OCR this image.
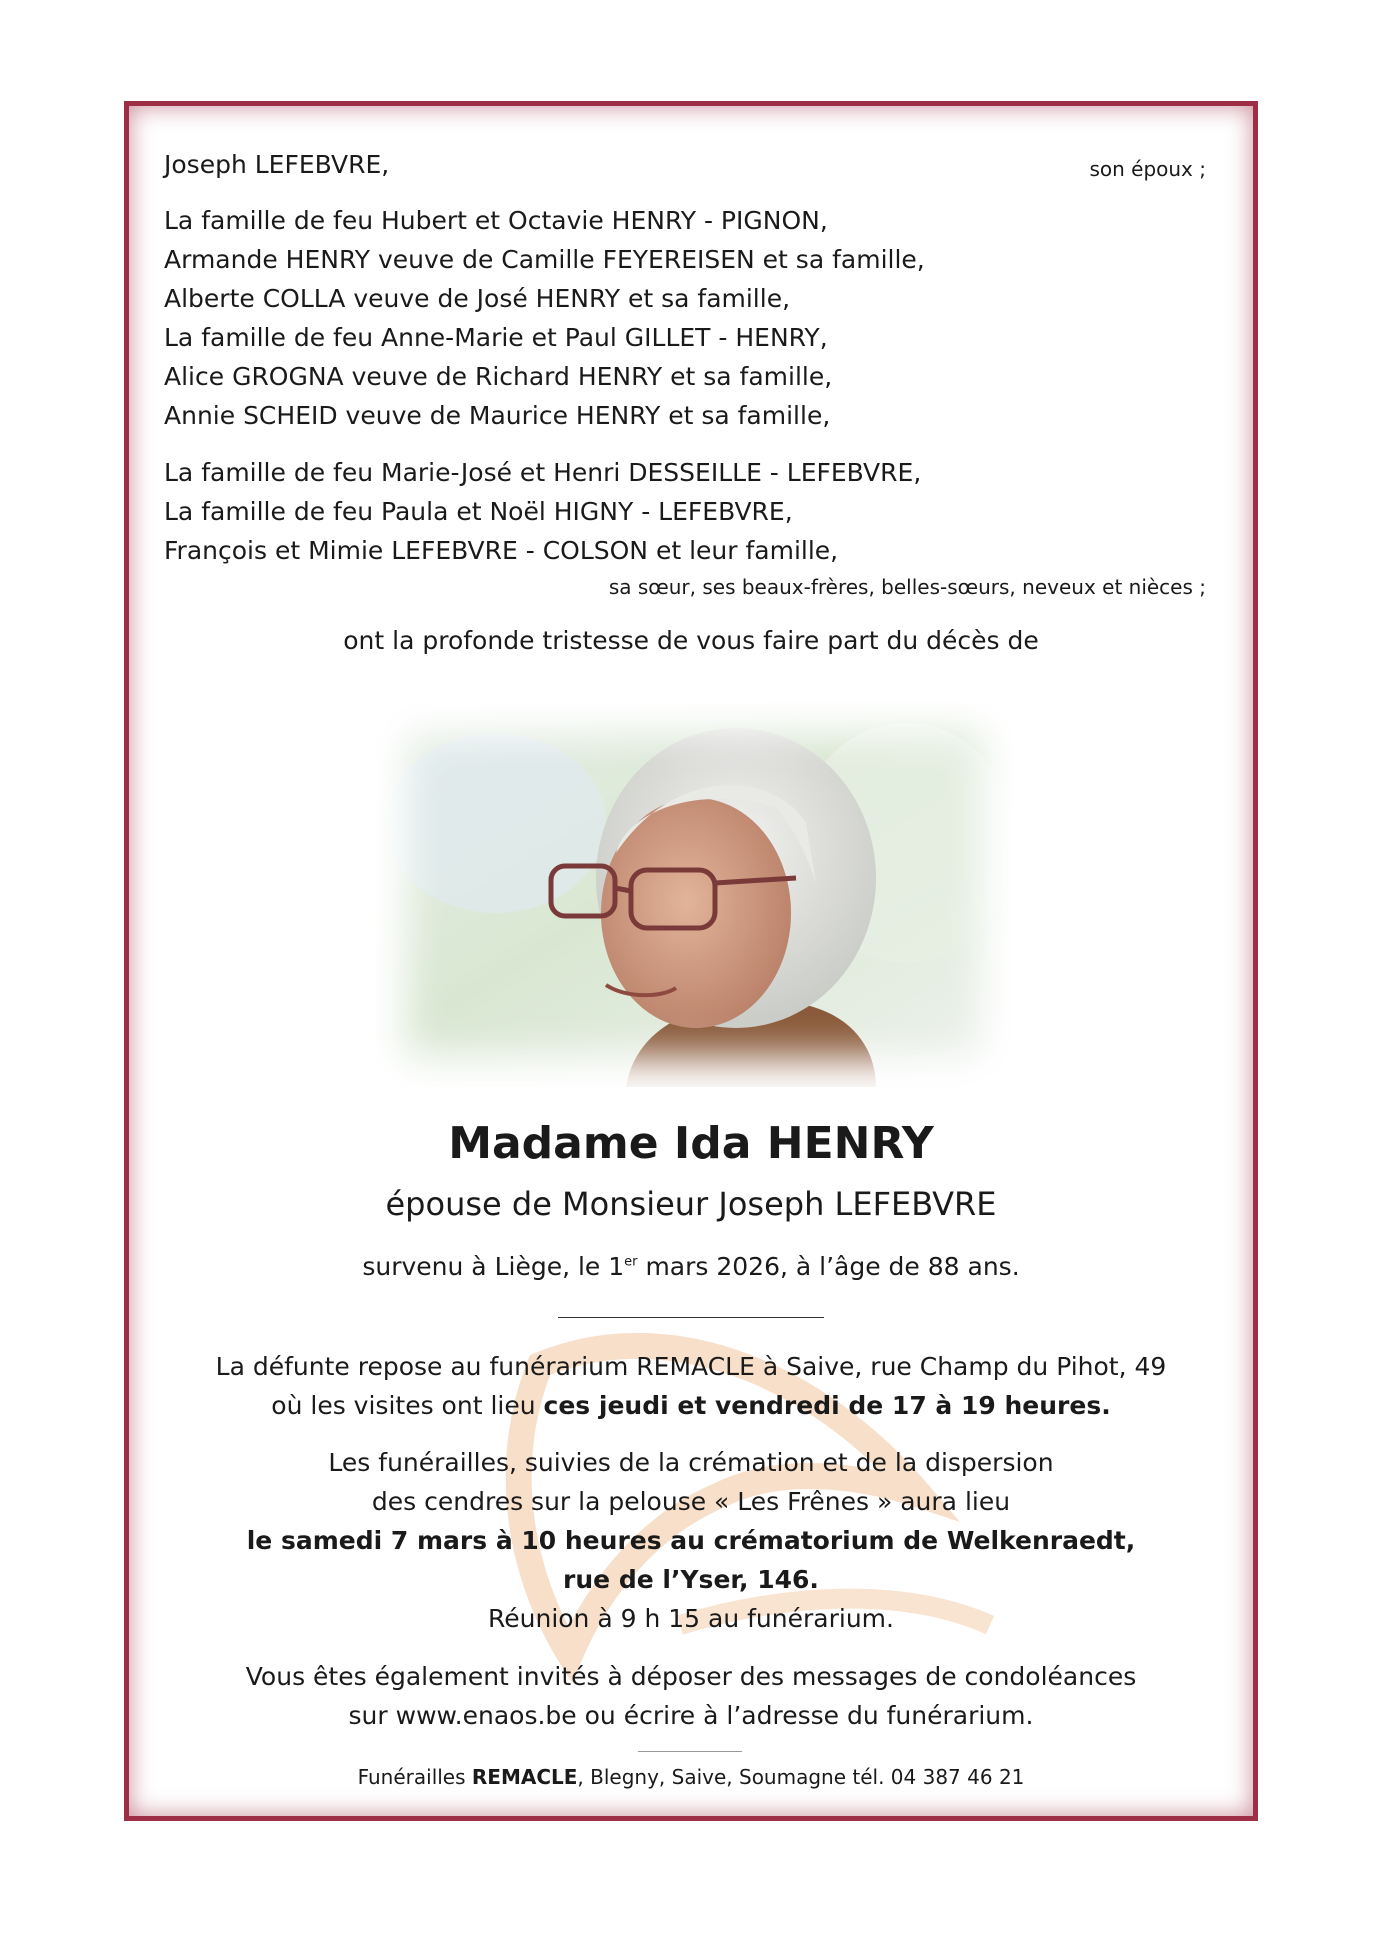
Joseph LEFEBVRE,	son époux ;

La famille de feu Hubert et Octavie HENRY - PIGNON,

Armande HENRY veuve de Camille FEYEREISEN et sa famille,

Alberte COLLA veuve de José HENRY et sa famille,

La famille de feu Anne-Marie et Paul GILLET - HENRY,

Alice GROGNA veuve de Richard HENRY et sa famille,

Annie SCHEID veuve de Maurice HENRY et sa famille,

La famille de feu Marie-José et Henri DESSEILLE - LEFEBVRE,

La famille de feu Paula et Noël HIGNY - LEFEBVRE,

François et Mimie LEFEBVRE - COLSON et leur famille,

sa sœur, ses beaux-frères, belles-sœurs, neveux et nièces ;

ont la profonde tristesse de vous faire part du décès de

Madame Ida HENRY

épouse de Monsieur Joseph LEFEBVRE

survenu à Liège, le 1er mars 2026, à l’âge de 88 ans.

La défunte repose au funérarium REMACLE à Saive, rue Champ du Pihot, 49

où les visites ont lieu ces jeudi et vendredi de 17 à 19 heures.

Les funérailles, suivies de la crémation et de la dispersion

des cendres sur la pelouse « Les Frênes » aura lieu

le samedi 7 mars à 10 heures au crématorium de Welkenraedt,

rue de l’Yser, 146.

Réunion à 9 h 15 au funérarium.

Vous êtes également invités à déposer des messages de condoléances

sur www.enaos.be ou écrire à l’adresse du funérarium.

Funérailles REMACLE, Blegny, Saive, Soumagne tél. 04 387 46 21
